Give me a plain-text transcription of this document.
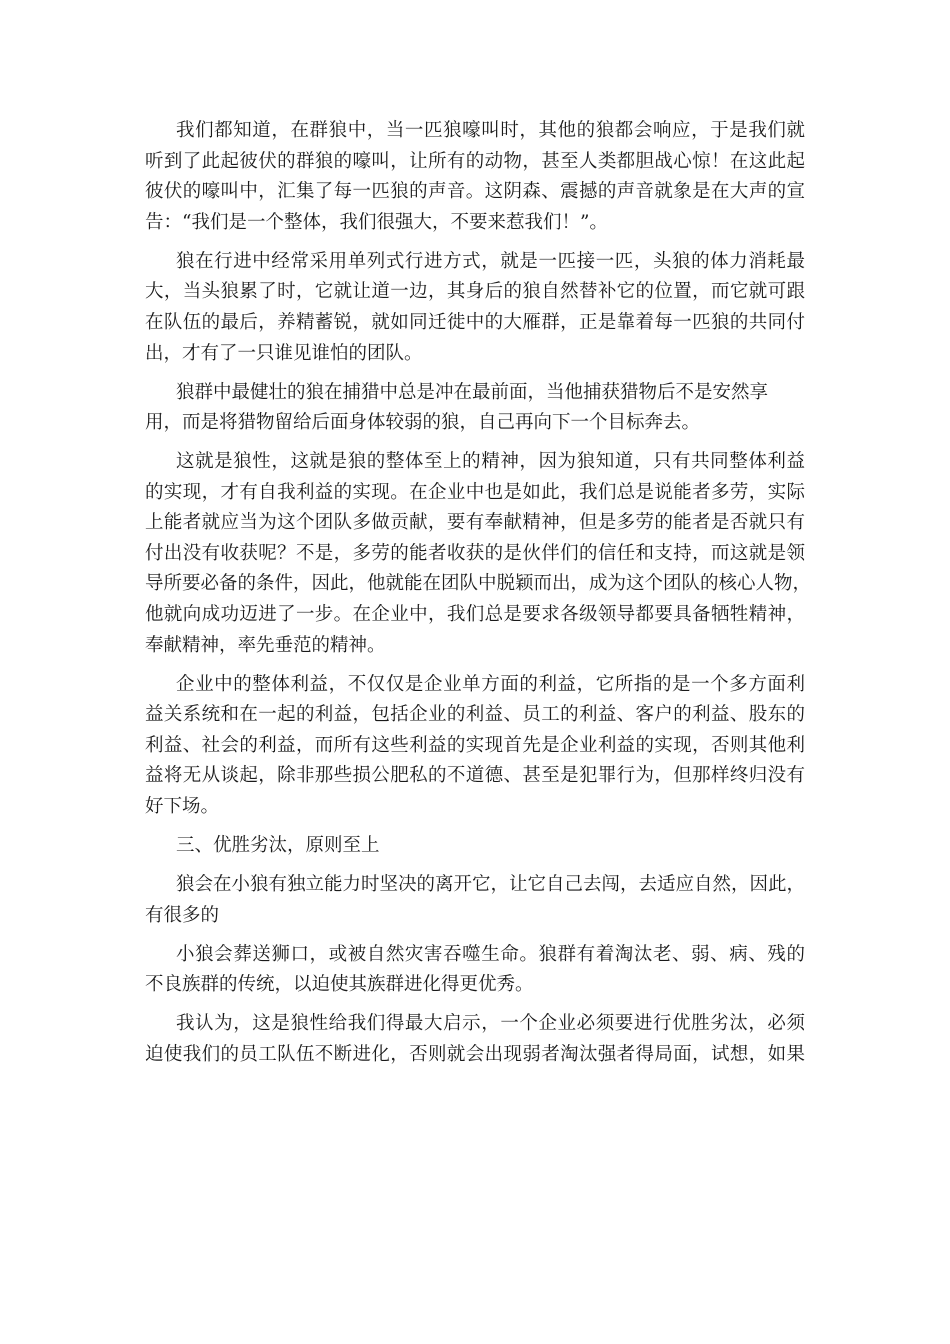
我们都知道，在群狼中，当一匹狼嚎叫时，其他的狼都会响应，于是我们就
听到了此起彼伏的群狼的嚎叫，让所有的动物，甚至人类都胆战心惊！在这此起
彼伏的嚎叫中，汇集了每一匹狼的声音。这阴森、震撼的声音就象是在大声的宣
告：“我们是一个整体，我们很强大，不要来惹我们！”。
狼在行进中经常采用单列式行进方式，就是一匹接一匹，头狼的体力消耗最
大，当头狼累了时，它就让道一边，其身后的狼自然替补它的位置，而它就可跟
在队伍的最后，养精蓄锐，就如同迁徙中的大雁群，正是靠着每一匹狼的共同付
出，才有了一只谁见谁怕的团队。
狼群中最健壮的狼在捕猎中总是冲在最前面，当他捕获猎物后不是安然享
用，而是将猎物留给后面身体较弱的狼，自己再向下一个目标奔去。
这就是狼性，这就是狼的整体至上的精神，因为狼知道，只有共同整体利益
的实现，才有自我利益的实现。在企业中也是如此，我们总是说能者多劳，实际
上能者就应当为这个团队多做贡献，要有奉献精神，但是多劳的能者是否就只有
付出没有收获呢？不是，多劳的能者收获的是伙伴们的信任和支持，而这就是领
导所要必备的条件，因此，他就能在团队中脱颖而出，成为这个团队的核心人物，
他就向成功迈进了一步。在企业中，我们总是要求各级领导都要具备牺牲精神，
奉献精神，率先垂范的精神。
企业中的整体利益，不仅仅是企业单方面的利益，它所指的是一个多方面利
益关系统和在一起的利益，包括企业的利益、员工的利益、客户的利益、股东的
利益、社会的利益，而所有这些利益的实现首先是企业利益的实现，否则其他利
益将无从谈起，除非那些损公肥私的不道德、甚至是犯罪行为，但那样终归没有
好下场。
三、优胜劣汰，原则至上
狼会在小狼有独立能力时坚决的离开它，让它自己去闯，去适应自然，因此，
有很多的
小狼会葬送狮口，或被自然灾害吞噬生命。狼群有着淘汰老、弱、病、残的
不良族群的传统，以迫使其族群进化得更优秀。
我认为，这是狼性给我们得最大启示，一个企业必须要进行优胜劣汰，必须
迫使我们的员工队伍不断进化，否则就会出现弱者淘汰强者得局面，试想，如果
